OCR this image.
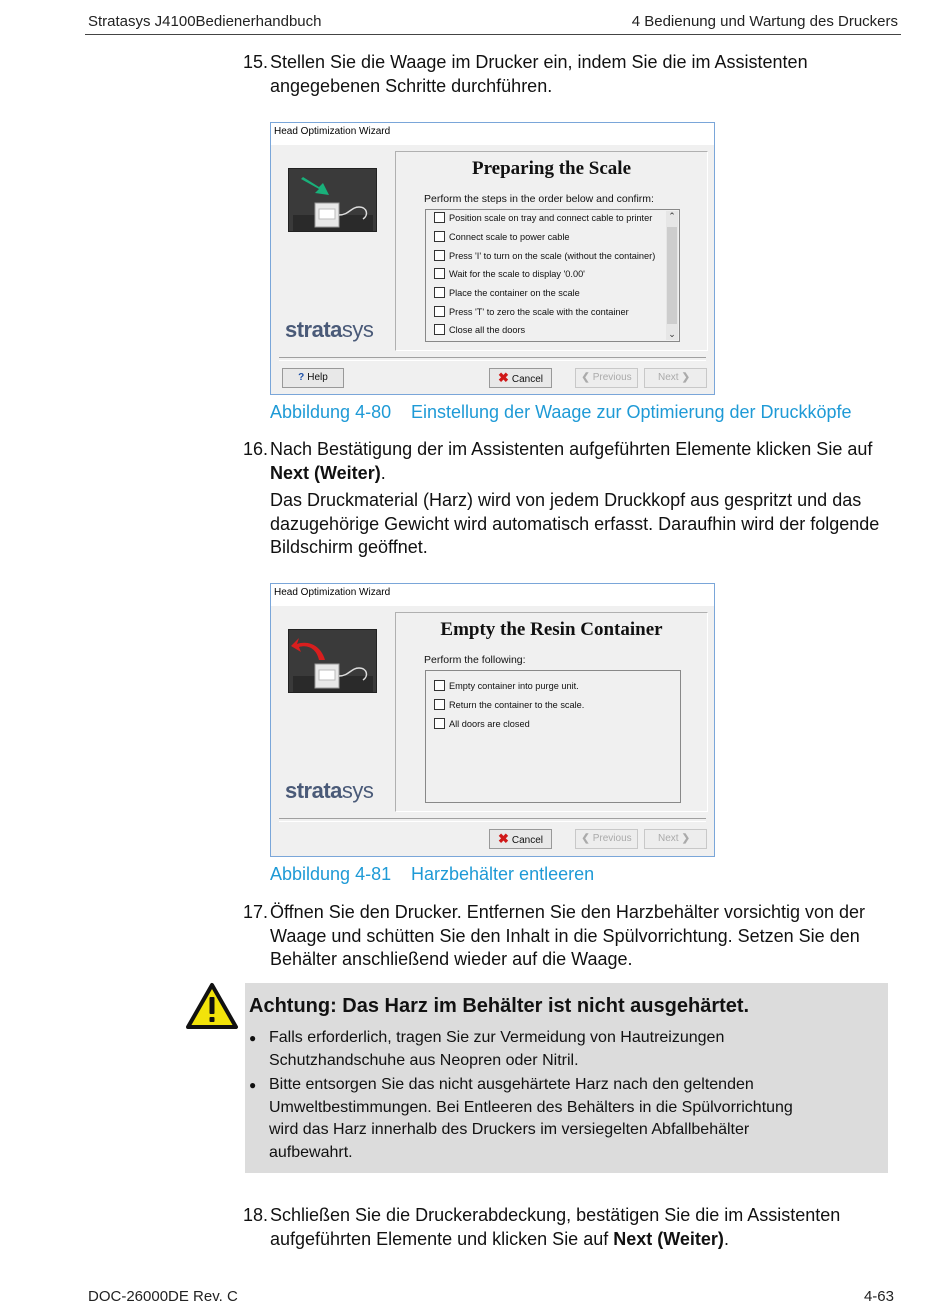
Stratasys J4100Bedienerhandbuch	4 Bedienung und Wartung des Druckers
15. Stellen Sie die Waage im Drucker ein, indem Sie die im Assistenten
angegebenen Schritte durchführen.
Head Optimization Wizard
stratasys
Preparing the Scale
Perform the steps in the order below and confirm:
Position scale on tray and connect cable to printer
Connect scale to power cable
Press 'I' to turn on the scale (without the container)
Wait for the scale to display '0.00'
Place the container on the scale
Press 'T' to zero the scale with the container
Close all the doors
⌃
⌄
? Help	✖ Cancel	❮ Previous	Next ❯
Abbildung 4-80 Einstellung der Waage zur Optimierung der Druckköpfe
16. Nach Bestätigung der im Assistenten aufgeführten Elemente klicken Sie auf
Next (Weiter).
Das Druckmaterial (Harz) wird von jedem Druckkopf aus gespritzt und das
dazugehörige Gewicht wird automatisch erfasst. Daraufhin wird der folgende
Bildschirm geöffnet.
Head Optimization Wizard
stratasys
Empty the Resin Container
Perform the following:
Empty container into purge unit.
Return the container to the scale.
All doors are closed
✖ Cancel	❮ Previous	Next ❯
Abbildung 4-81 Harzbehälter entleeren
17. Öffnen Sie den Drucker. Entfernen Sie den Harzbehälter vorsichtig von der
Waage und schütten Sie den Inhalt in die Spülvorrichtung. Setzen Sie den
Behälter anschließend wieder auf die Waage.
Achtung: Das Harz im Behälter ist nicht ausgehärtet.
● Falls erforderlich, tragen Sie zur Vermeidung von Hautreizungen
Schutzhandschuhe aus Neopren oder Nitril.
● Bitte entsorgen Sie das nicht ausgehärtete Harz nach den geltenden
Umweltbestimmungen. Bei Entleeren des Behälters in die Spülvorrichtung
wird das Harz innerhalb des Druckers im versiegelten Abfallbehälter
aufbewahrt.
18. Schließen Sie die Druckerabdeckung, bestätigen Sie die im Assistenten
aufgeführten Elemente und klicken Sie auf Next (Weiter).
DOC-26000DE Rev. C	4-63
